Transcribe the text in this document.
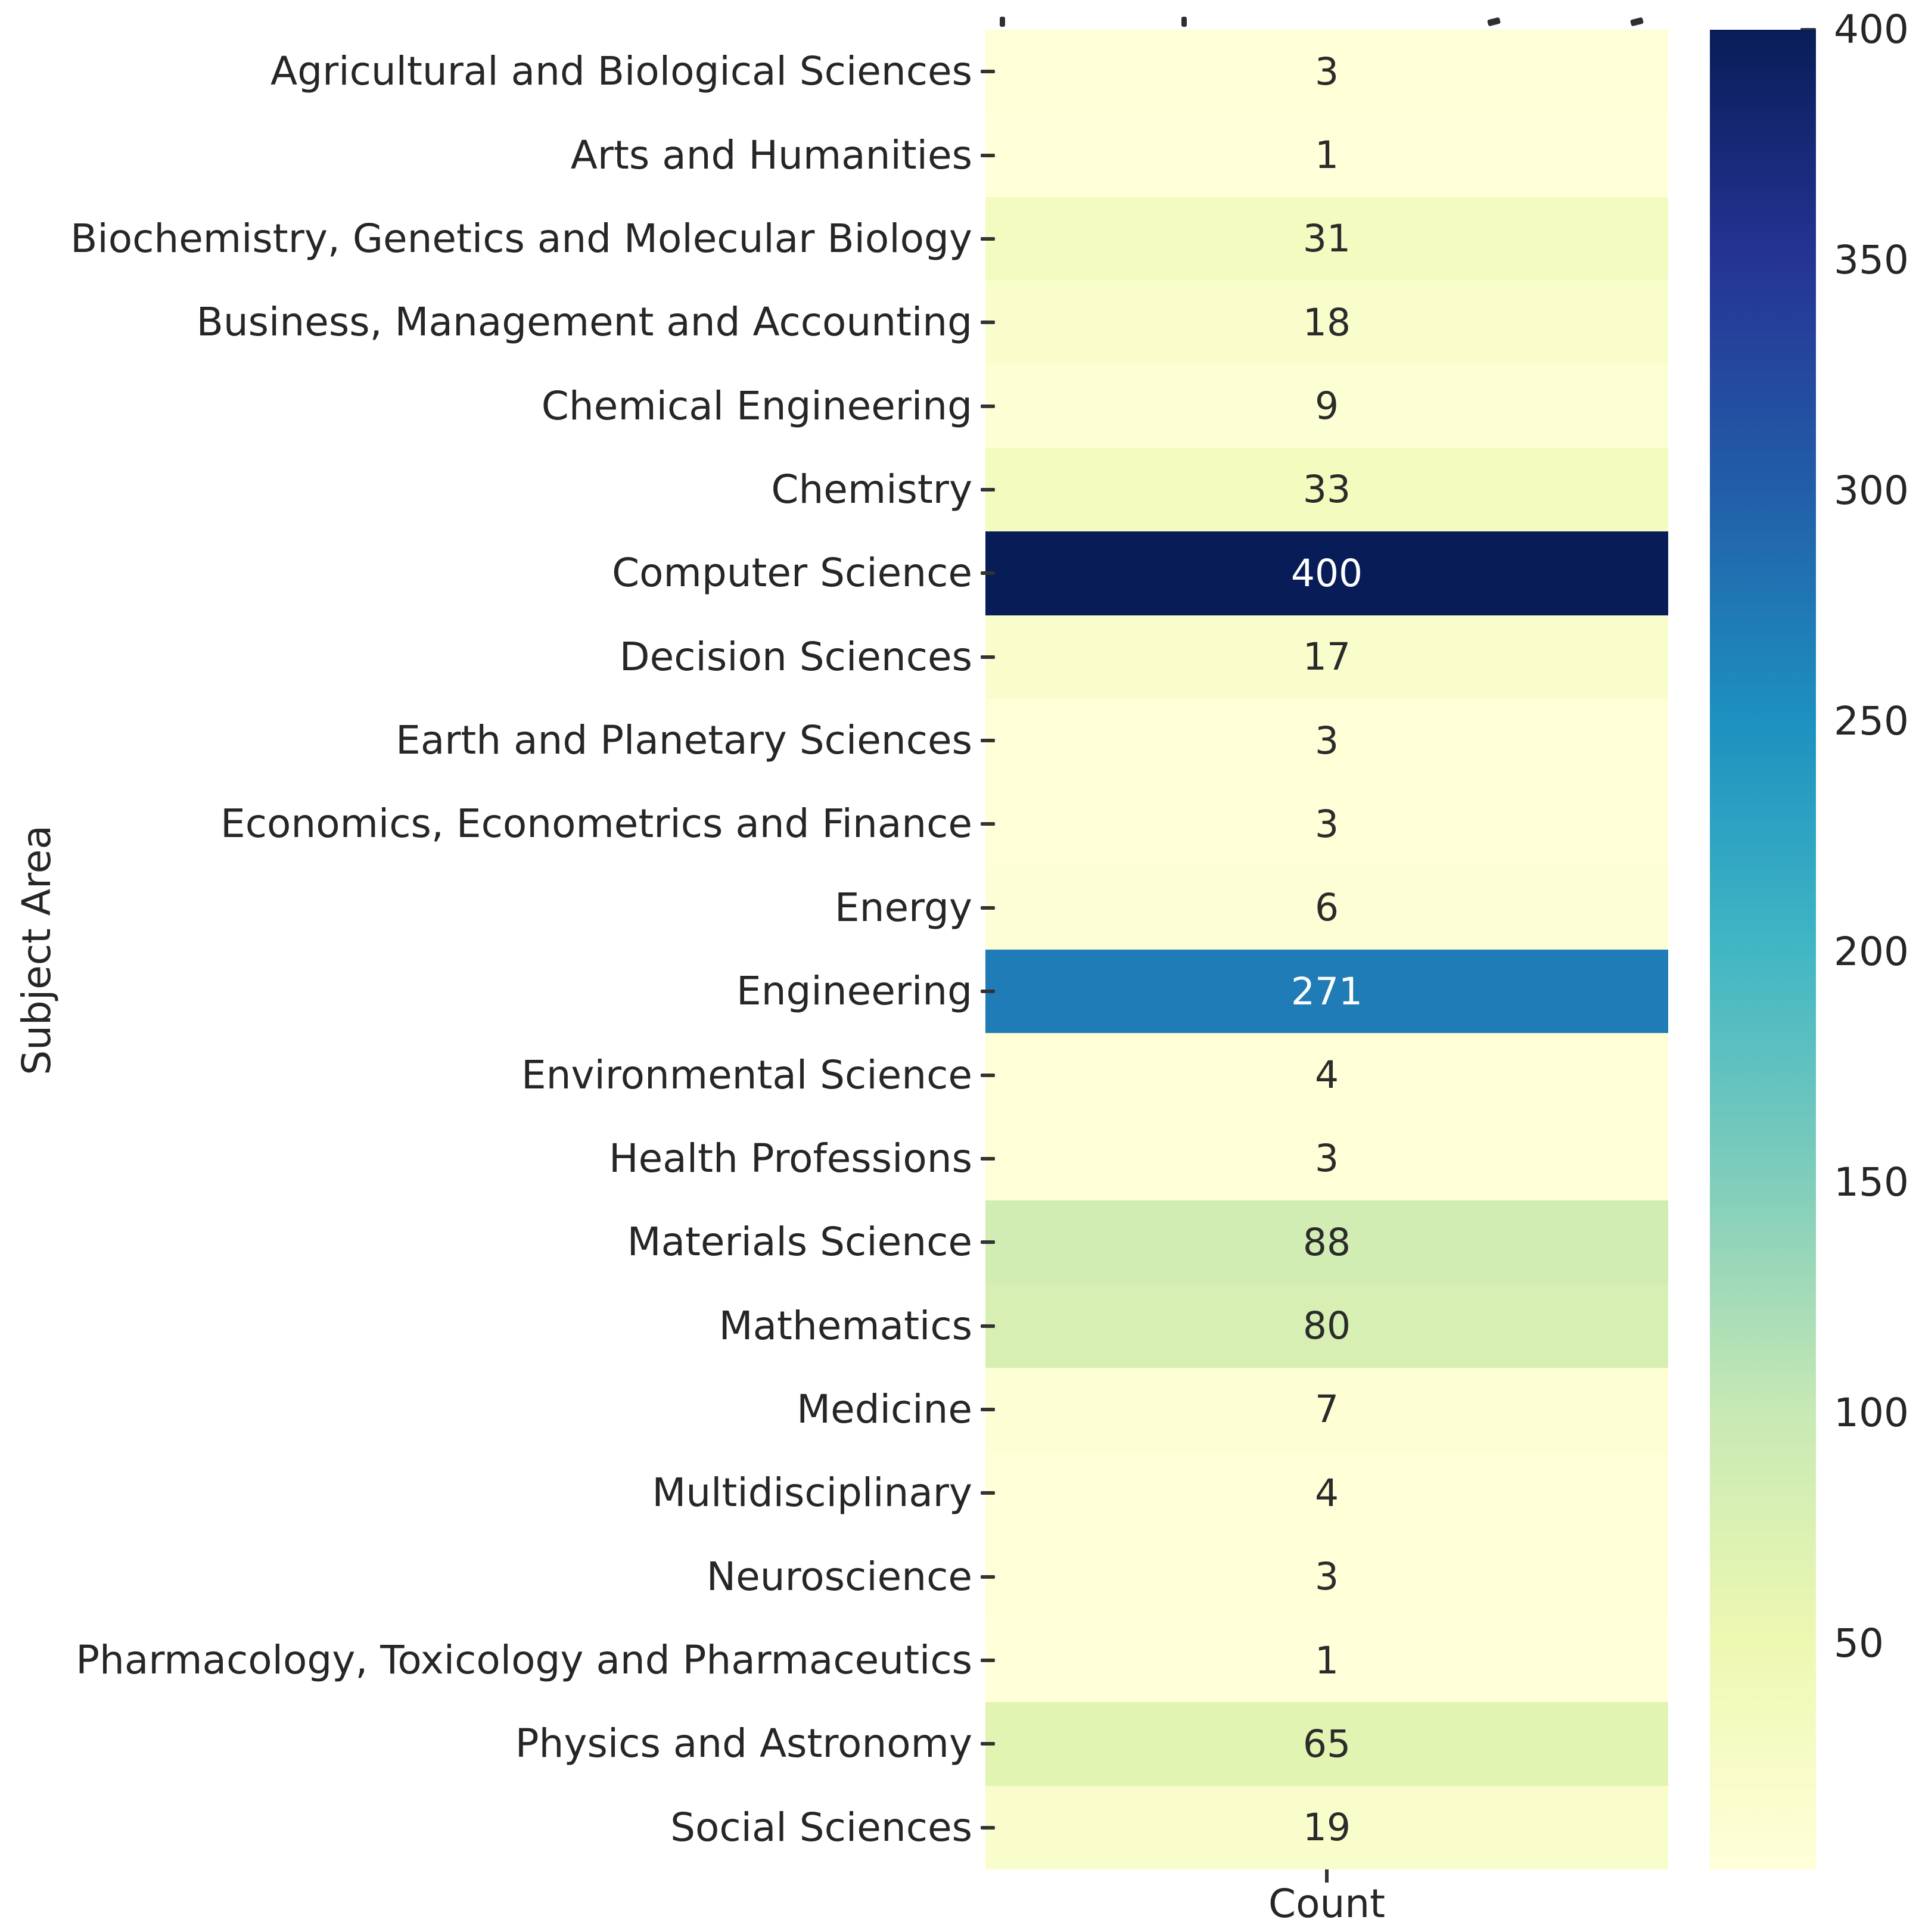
Subject Area
3
1
31
18
9
33
400
17
3
3
6
271
4
3
88
80
7
4
3
1
65
19
Agricultural and Biological Sciences
Arts and Humanities
Biochemistry, Genetics and Molecular Biology
Business, Management and Accounting
Chemical Engineering
Chemistry
Computer Science
Decision Sciences
Earth and Planetary Sciences
Economics, Econometrics and Finance
Energy
Engineering
Environmental Science
Health Professions
Materials Science
Mathematics
Medicine
Multidisciplinary
Neuroscience
Pharmacology, Toxicology and Pharmaceutics
Physics and Astronomy
Social Sciences
400
350
300
250
200
150
100
50
Count
